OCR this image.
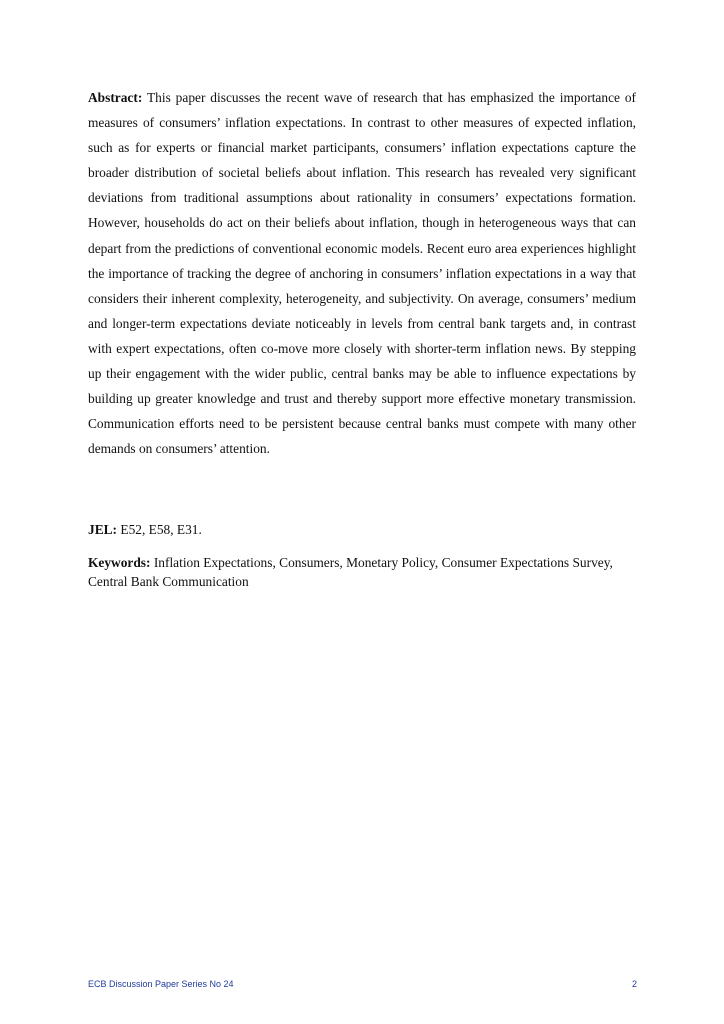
Abstract: This paper discusses the recent wave of research that has emphasized the importance of measures of consumers’ inflation expectations. In contrast to other measures of expected inflation, such as for experts or financial market participants, consumers’ inflation expectations capture the broader distribution of societal beliefs about inflation. This research has revealed very significant deviations from traditional assumptions about rationality in consumers’ expectations formation. However, households do act on their beliefs about inflation, though in heterogeneous ways that can depart from the predictions of conventional economic models. Recent euro area experiences highlight the importance of tracking the degree of anchoring in consumers’ inflation expectations in a way that considers their inherent complexity, heterogeneity, and subjectivity. On average, consumers’ medium and longer-term expectations deviate noticeably in levels from central bank targets and, in contrast with expert expectations, often co-move more closely with shorter-term inflation news. By stepping up their engagement with the wider public, central banks may be able to influence expectations by building up greater knowledge and trust and thereby support more effective monetary transmission. Communication efforts need to be persistent because central banks must compete with many other demands on consumers’ attention.

JEL: E52, E58, E31.

Keywords: Inflation Expectations, Consumers, Monetary Policy, Consumer Expectations Survey, Central Bank Communication

ECB Discussion Paper Series No 24	2
